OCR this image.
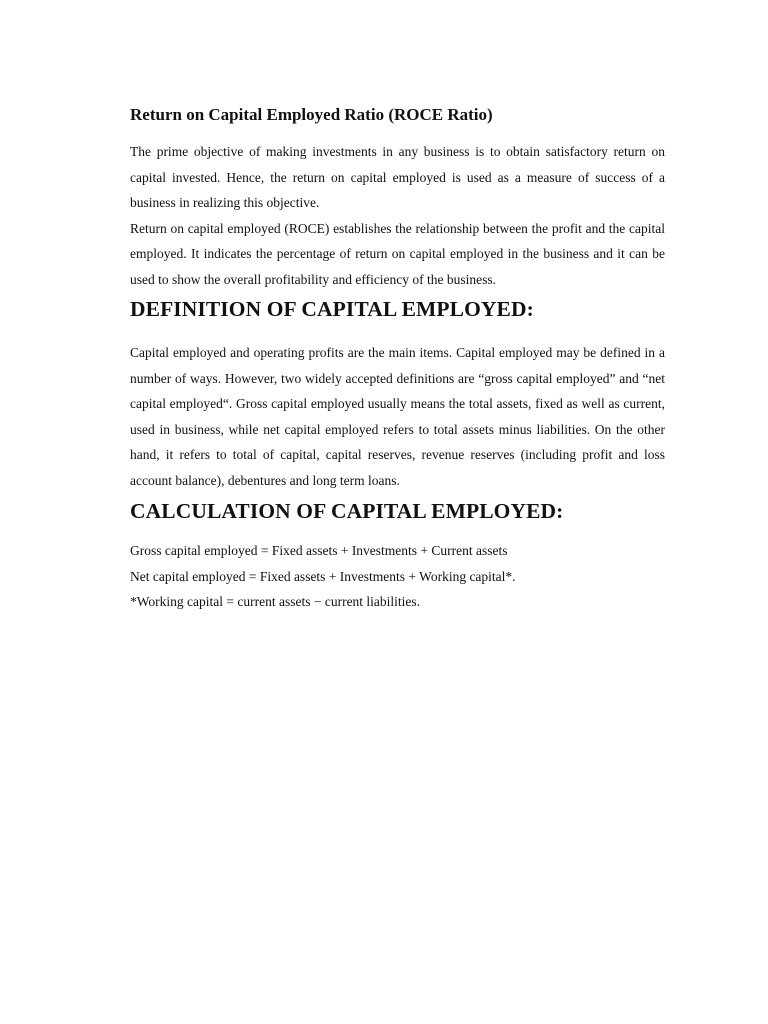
Return on Capital Employed Ratio (ROCE Ratio)

The prime objective of making investments in any business is to obtain satisfactory return on capital invested. Hence, the return on capital employed is used as a measure of success of a business in realizing this objective.

Return on capital employed (ROCE) establishes the relationship between the profit and the capital employed. It indicates the percentage of return on capital employed in the business and it can be used to show the overall profitability and efficiency of the business.

DEFINITION OF CAPITAL EMPLOYED:

Capital employed and operating profits are the main items. Capital employed may be defined in a number of ways. However, two widely accepted definitions are “gross capital employed” and “net capital employed“. Gross capital employed usually means the total assets, fixed as well as current, used in business, while net capital employed refers to total assets minus liabilities. On the other hand, it refers to total of capital, capital reserves, revenue reserves (including profit and loss account balance), debentures and long term loans.

CALCULATION OF CAPITAL EMPLOYED:

Gross capital employed = Fixed assets + Investments + Current assets

Net capital employed = Fixed assets + Investments + Working capital*.

*Working capital = current assets − current liabilities.
